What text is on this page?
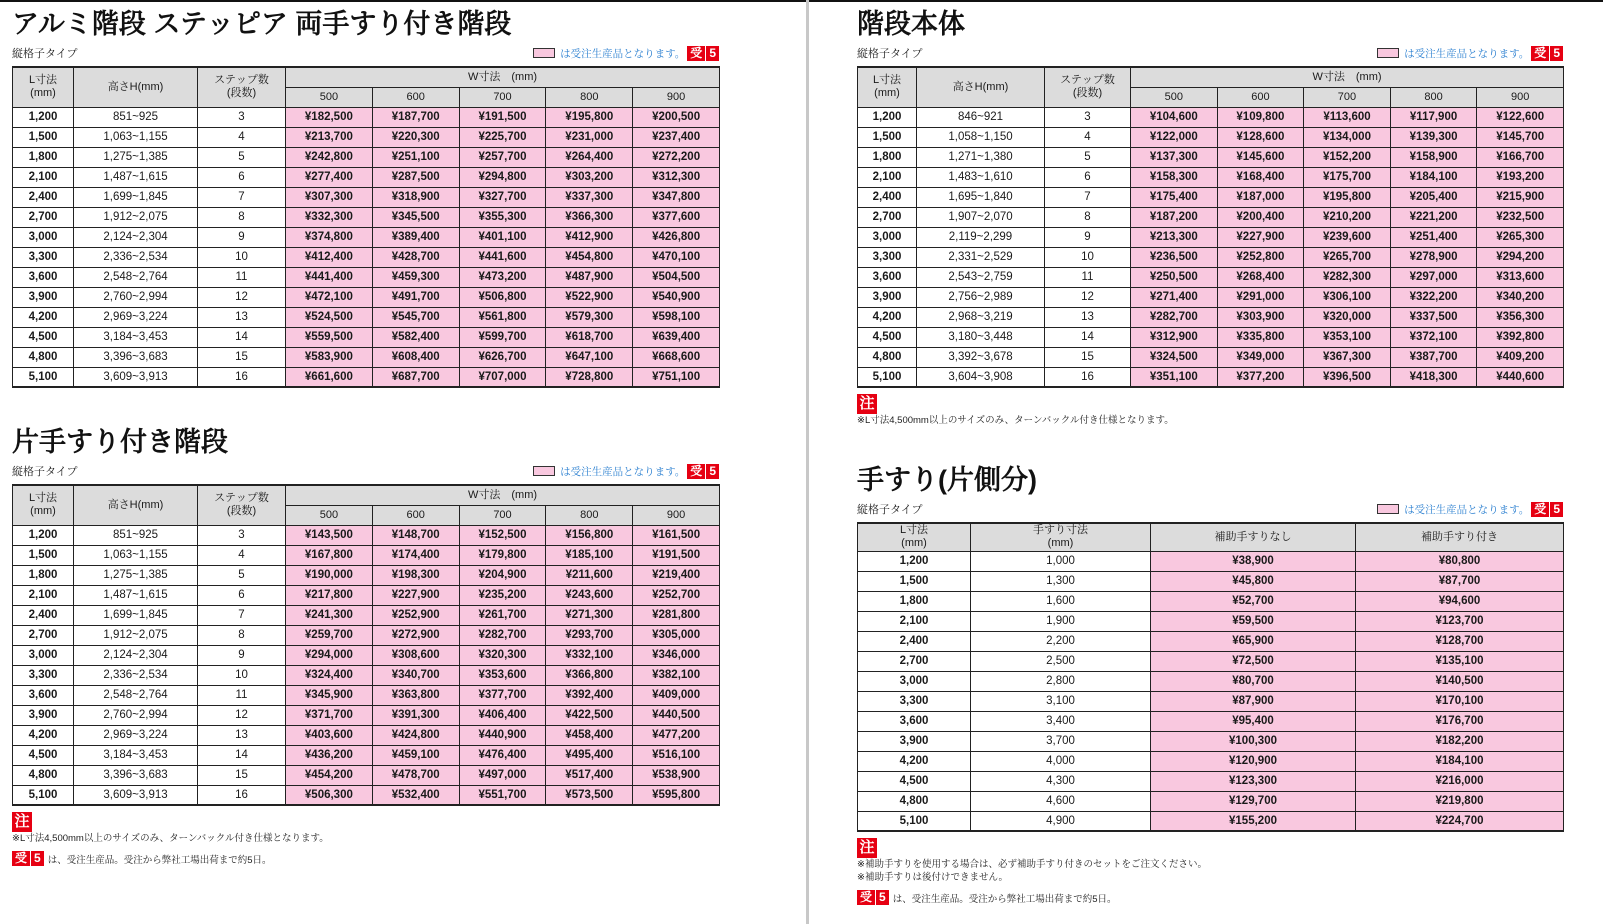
アルミ階段 ステッピア 両手すり付き階段
縦格子タイプ	は受注生産品となります。 受 5
L寸法
(mm)	高さH(mm)	ステップ数
(段数)	W寸法　(mm)				
			500	600	700	800	900
1,200	851~925	3	¥182,500	¥187,700	¥191,500	¥195,800	¥200,500
1,500	1,063~1,155	4	¥213,700	¥220,300	¥225,700	¥231,000	¥237,400
1,800	1,275~1,385	5	¥242,800	¥251,100	¥257,700	¥264,400	¥272,200
2,100	1,487~1,615	6	¥277,400	¥287,500	¥294,800	¥303,200	¥312,300
2,400	1,699~1,845	7	¥307,300	¥318,900	¥327,700	¥337,300	¥347,800
2,700	1,912~2,075	8	¥332,300	¥345,500	¥355,300	¥366,300	¥377,600
3,000	2,124~2,304	9	¥374,800	¥389,400	¥401,100	¥412,900	¥426,800
3,300	2,336~2,534	10	¥412,400	¥428,700	¥441,600	¥454,800	¥470,100
3,600	2,548~2,764	11	¥441,400	¥459,300	¥473,200	¥487,900	¥504,500
3,900	2,760~2,994	12	¥472,100	¥491,700	¥506,800	¥522,900	¥540,900
4,200	2,969~3,224	13	¥524,500	¥545,700	¥561,800	¥579,300	¥598,100
4,500	3,184~3,453	14	¥559,500	¥582,400	¥599,700	¥618,700	¥639,400
4,800	3,396~3,683	15	¥583,900	¥608,400	¥626,700	¥647,100	¥668,600
5,100	3,609~3,913	16	¥661,600	¥687,700	¥707,000	¥728,800	¥751,100
片手すり付き階段
縦格子タイプ	は受注生産品となります。 受 5
L寸法
(mm)	高さH(mm)	ステップ数
(段数)	W寸法　(mm)				
			500	600	700	800	900
1,200	851~925	3	¥143,500	¥148,700	¥152,500	¥156,800	¥161,500
1,500	1,063~1,155	4	¥167,800	¥174,400	¥179,800	¥185,100	¥191,500
1,800	1,275~1,385	5	¥190,000	¥198,300	¥204,900	¥211,600	¥219,400
2,100	1,487~1,615	6	¥217,800	¥227,900	¥235,200	¥243,600	¥252,700
2,400	1,699~1,845	7	¥241,300	¥252,900	¥261,700	¥271,300	¥281,800
2,700	1,912~2,075	8	¥259,700	¥272,900	¥282,700	¥293,700	¥305,000
3,000	2,124~2,304	9	¥294,000	¥308,600	¥320,300	¥332,100	¥346,000
3,300	2,336~2,534	10	¥324,400	¥340,700	¥353,600	¥366,800	¥382,100
3,600	2,548~2,764	11	¥345,900	¥363,800	¥377,700	¥392,400	¥409,000
3,900	2,760~2,994	12	¥371,700	¥391,300	¥406,400	¥422,500	¥440,500
4,200	2,969~3,224	13	¥403,600	¥424,800	¥440,900	¥458,400	¥477,200
4,500	3,184~3,453	14	¥436,200	¥459,100	¥476,400	¥495,400	¥516,100
4,800	3,396~3,683	15	¥454,200	¥478,700	¥497,000	¥517,400	¥538,900
5,100	3,609~3,913	16	¥506,300	¥532,400	¥551,700	¥573,500	¥595,800
注
※L寸法4,500mm以上のサイズのみ、ターンバックル付き仕様となります。
受 5 は、受注生産品。受注から弊社工場出荷まで約5日。
階段本体
縦格子タイプ	は受注生産品となります。 受 5
L寸法
(mm)	高さH(mm)	ステップ数
(段数)	W寸法　(mm)				
			500	600	700	800	900
1,200	846~921	3	¥104,600	¥109,800	¥113,600	¥117,900	¥122,600
1,500	1,058~1,150	4	¥122,000	¥128,600	¥134,000	¥139,300	¥145,700
1,800	1,271~1,380	5	¥137,300	¥145,600	¥152,200	¥158,900	¥166,700
2,100	1,483~1,610	6	¥158,300	¥168,400	¥175,700	¥184,100	¥193,200
2,400	1,695~1,840	7	¥175,400	¥187,000	¥195,800	¥205,400	¥215,900
2,700	1,907~2,070	8	¥187,200	¥200,400	¥210,200	¥221,200	¥232,500
3,000	2,119~2,299	9	¥213,300	¥227,900	¥239,600	¥251,400	¥265,300
3,300	2,331~2,529	10	¥236,500	¥252,800	¥265,700	¥278,900	¥294,200
3,600	2,543~2,759	11	¥250,500	¥268,400	¥282,300	¥297,000	¥313,600
3,900	2,756~2,989	12	¥271,400	¥291,000	¥306,100	¥322,200	¥340,200
4,200	2,968~3,219	13	¥282,700	¥303,900	¥320,000	¥337,500	¥356,300
4,500	3,180~3,448	14	¥312,900	¥335,800	¥353,100	¥372,100	¥392,800
4,800	3,392~3,678	15	¥324,500	¥349,000	¥367,300	¥387,700	¥409,200
5,100	3,604~3,908	16	¥351,100	¥377,200	¥396,500	¥418,300	¥440,600
注
※L寸法4,500mm以上のサイズのみ、ターンバックル付き仕様となります。
手すり(片側分)
縦格子タイプ	は受注生産品となります。 受 5
L寸法
(mm)	手すり寸法
(mm)	補助手すりなし	補助手すり付き
1,200	1,000	¥38,900	¥80,800
1,500	1,300	¥45,800	¥87,700
1,800	1,600	¥52,700	¥94,600
2,100	1,900	¥59,500	¥123,700
2,400	2,200	¥65,900	¥128,700
2,700	2,500	¥72,500	¥135,100
3,000	2,800	¥80,700	¥140,500
3,300	3,100	¥87,900	¥170,100
3,600	3,400	¥95,400	¥176,700
3,900	3,700	¥100,300	¥182,200
4,200	4,000	¥120,900	¥184,100
4,500	4,300	¥123,300	¥216,000
4,800	4,600	¥129,700	¥219,800
5,100	4,900	¥155,200	¥224,700
注
※補助手すりを使用する場合は、必ず補助手すり付きのセットをご注文ください。
※補助手すりは後付けできません。
受 5 は、受注生産品。受注から弊社工場出荷まで約5日。
